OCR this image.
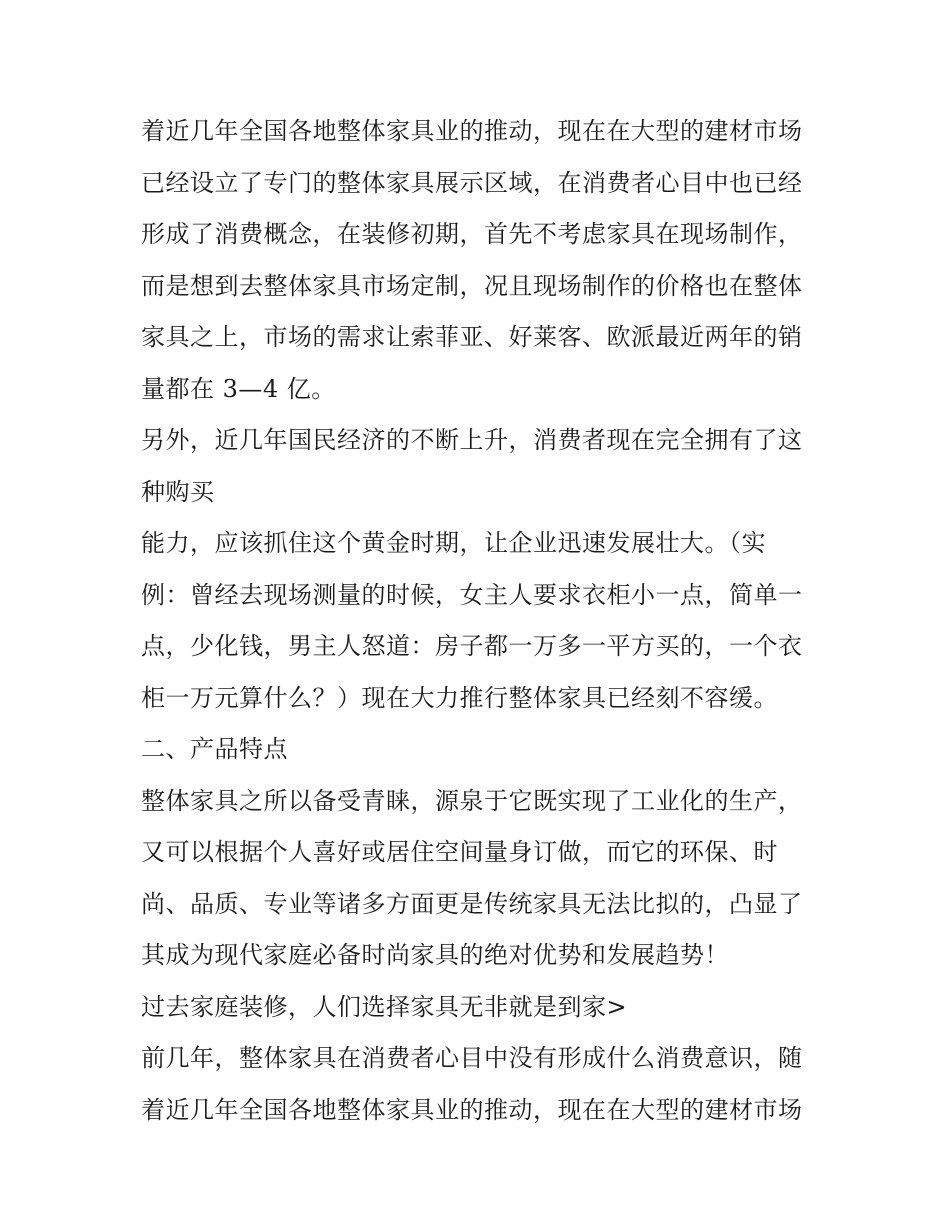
着近几年全国各地整体家具业的推动，现在在大型的建材市场
已经设立了专门的整体家具展示区域，在消费者心目中也已经
形成了消费概念，在装修初期，首先不考虑家具在现场制作，
而是想到去整体家具市场定制，况且现场制作的价格也在整体
家具之上，市场的需求让索菲亚、好莱客、欧派最近两年的销
量都在 3—4 亿。
另外，近几年国民经济的不断上升，消费者现在完全拥有了这
种购买
能力，应该抓住这个黄金时期，让企业迅速发展壮大。（实
例：曾经去现场测量的时候，女主人要求衣柜小一点，简单一
点，少化钱，男主人怒道：房子都一万多一平方买的，一个衣
柜一万元算什么？）现在大力推行整体家具已经刻不容缓。
二、产品特点
整体家具之所以备受青睐，源泉于它既实现了工业化的生产，
又可以根据个人喜好或居住空间量身订做，而它的环保、时
尚、品质、专业等诸多方面更是传统家具无法比拟的，凸显了
其成为现代家庭必备时尚家具的绝对优势和发展趋势！
过去家庭装修，人们选择家具无非就是到家>
前几年，整体家具在消费者心目中没有形成什么消费意识，随
着近几年全国各地整体家具业的推动，现在在大型的建材市场
